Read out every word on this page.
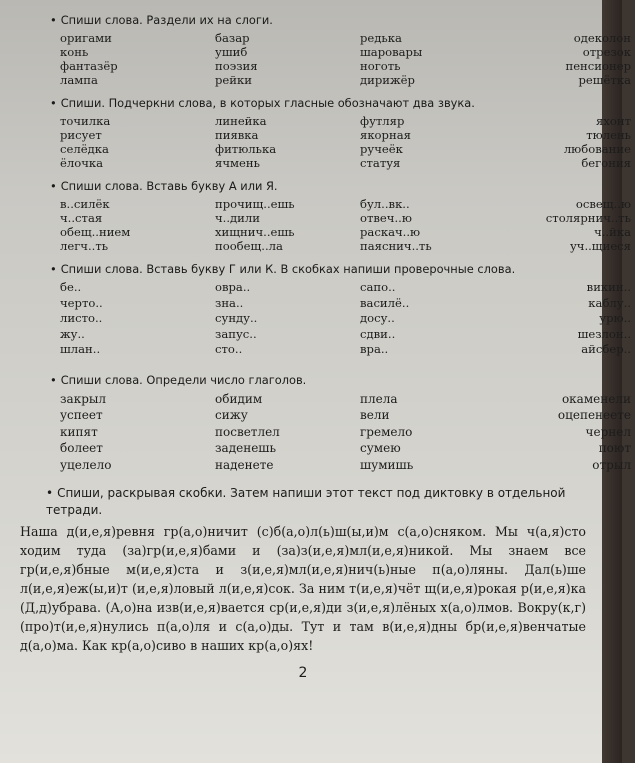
• Спиши слова. Раздели их на слоги.
оригами	базар	редька	одеколон
конь	ушиб	шаровары	отрезок
фантазёр	поэзия	ноготь	пенсионер
лампа	рейки	дирижёр	решётка
• Спиши. Подчеркни слова, в которых гласные обозначают два звука.
точилка	линейка	футляр	яхонт
рисует	пиявка	якорная	тюлень
селёдка	фитюлька	ручеёк	любование
ёлочка	ячмень	статуя	бегония
• Спиши слова. Вставь букву А или Я.
в..силёк	прочищ..ешь	бул..вк..	освещ..ю
ч..стая	ч..дили	отвеч..ю	столярнич..ть
обещ..нием	хищнич..ешь	раскач..ю	ч..йка
легч..ть	пообещ..ла	паяснич..ть	уч..щиеся
• Спиши слова. Вставь букву Г или К. В скобках напиши проверочные слова.
бе..	овра..	сапо..	викин..
черто..	зна..	василё..	каблу..
листо..	сунду..	досу..	урю..
жу..	запус..	сдви..	шезлон..
шлан..	сто..	вра..	айсбер..
• Спиши слова. Определи число глаголов.
закрыл	обидим	плела	окаменели
успеет	сижу	вели	оцепенеете
кипят	посветлел	гремело	чернел
болеет	заденешь	сумею	поют
уцелело	наденете	шумишь	отрыл
• Спиши, раскрывая скобки. Затем напиши этот текст под диктовку в отдельной тетради.

Наша д(и,е,я)ревня гр(а,о)ничит (с)б(а,о)л(ь)ш(ы,и)м с(а,о)сняком. Мы ч(а,я)сто ходим туда (за)гр(и,е,я)бами и (за)з(и,е,я)мл(и,е,я)никой. Мы знаем все гр(и,е,я)бные м(и,е,я)ста и з(и,е,я)мл(и,е,я)нич(ь)ные п(а,о)ляны. Дал(ь)ше л(и,е,я)еж(ы,и)т (и,е,я)ловый л(и,е,я)сок. За ним т(и,е,я)чёт щ(и,е,я)рокая р(и,е,я)ка (Д,д)убрава. (А,о)на изв(и,е,я)вается ср(и,е,я)ди з(и,е,я)лёных х(а,о)лмов. Вокру(к,г) (про)т(и,е,я)нулись п(а,о)ля и с(а,о)ды. Тут и там в(и,е,я)дны бр(и,е,я)венчатые д(а,о)ма. Как кр(а,о)сиво в наших кр(а,о)ях!

2
